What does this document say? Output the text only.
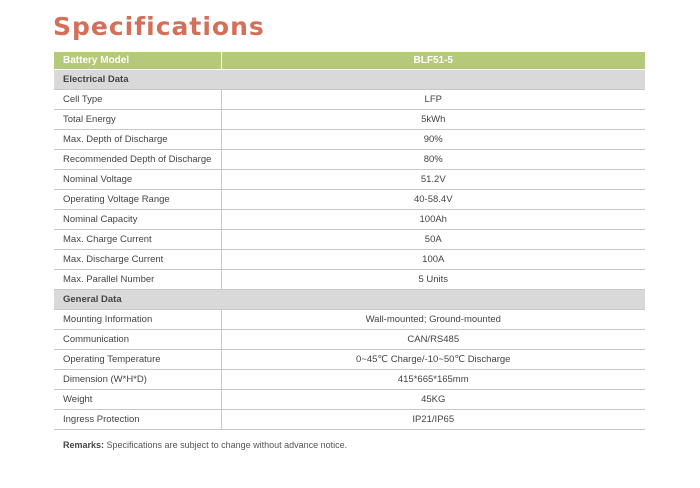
Specifications
Battery Model	BLF51-5
Electrical Data	
Cell Type	LFP
Total Energy	5kWh
Max. Depth of Discharge	90%
Recommended Depth of Discharge	80%
Nominal Voltage	51.2V
Operating Voltage Range	40-58.4V
Nominal Capacity	100Ah
Max. Charge Current	50A
Max. Discharge Current	100A
Max. Parallel Number	5 Units
General Data	
Mounting Information	Wall-mounted; Ground-mounted
Communication	CAN/RS485
Operating Temperature	0~45℃ Charge/-10~50℃ Discharge
Dimension (W*H*D)	415*665*165mm
Weight	45KG
Ingress Protection	IP21/IP65

Remarks: Specifications are subject to change without advance notice.
